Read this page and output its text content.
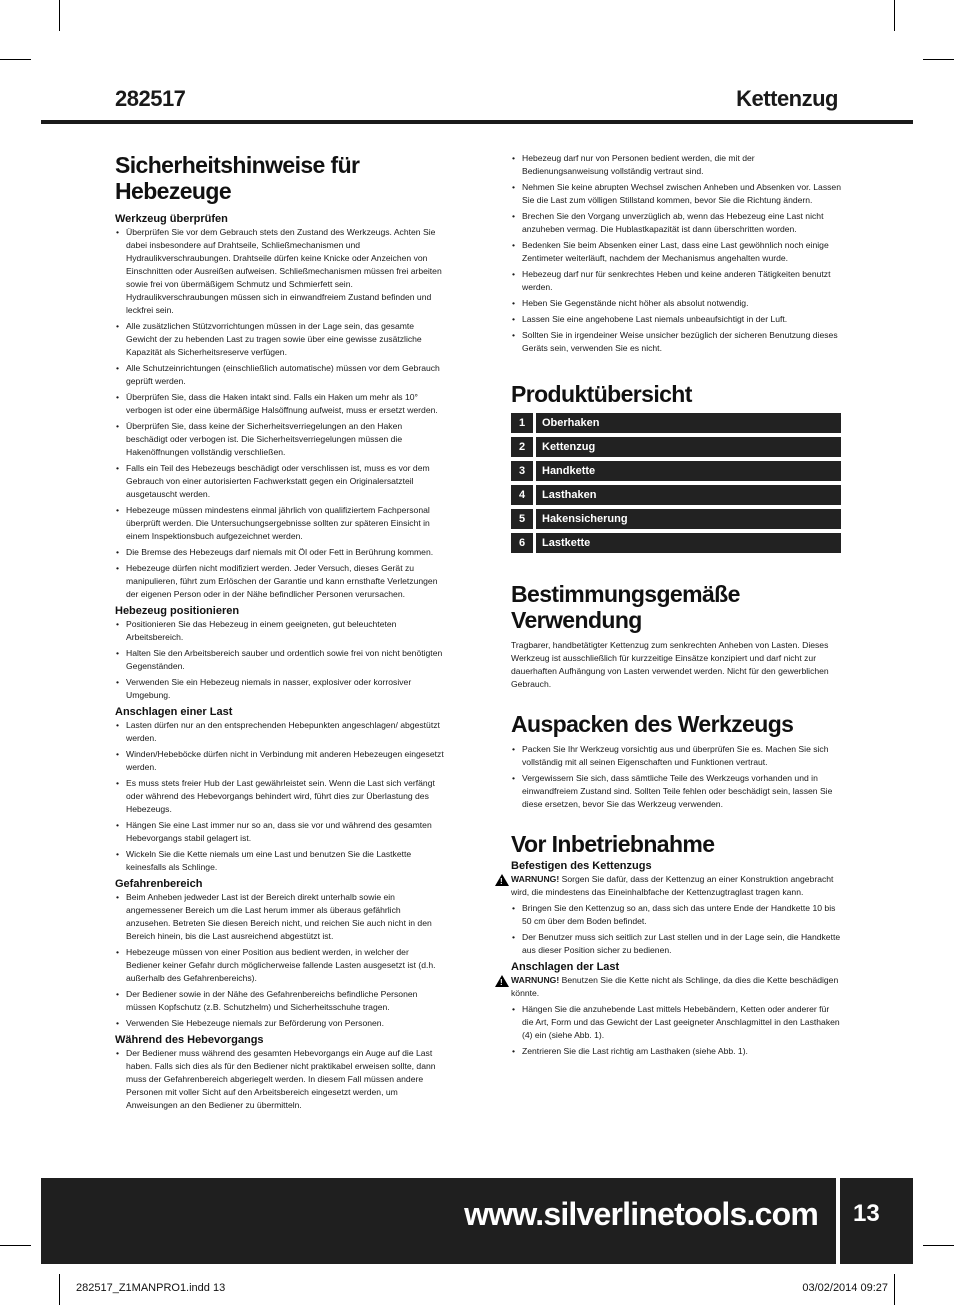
282517	Kettenzug
Sicherheitshinweise für Hebezeuge
Werkzeug überprüfen
• Überprüfen Sie vor dem Gebrauch stets den Zustand des Werkzeugs. Achten Sie dabei insbesondere auf Drahtseile, Schließmechanismen und Hydraulikverschraubungen. Drahtseile dürfen keine Knicke oder Anzeichen von Einschnitten oder Ausreißen aufweisen. Schließmechanismen müssen frei arbeiten sowie frei von übermäßigem Schmutz und Schmierfett sein. Hydraulikverschraubungen müssen sich in einwandfreiem Zustand befinden und leckfrei sein.
• Alle zusätzlichen Stützvorrichtungen müssen in der Lage sein, das gesamte Gewicht der zu hebenden Last zu tragen sowie über eine gewisse zusätzliche Kapazität als Sicherheitsreserve verfügen.
• Alle Schutzeinrichtungen (einschließlich automatische) müssen vor dem Gebrauch geprüft werden.
• Überprüfen Sie, dass die Haken intakt sind. Falls ein Haken um mehr als 10° verbogen ist oder eine übermäßige Halsöffnung aufweist, muss er ersetzt werden.
• Überprüfen Sie, dass keine der Sicherheitsverriegelungen an den Haken beschädigt oder verbogen ist. Die Sicherheitsverriegelungen müssen die Hakenöffnungen vollständig verschließen.
• Falls ein Teil des Hebezeugs beschädigt oder verschlissen ist, muss es vor dem Gebrauch von einer autorisierten Fachwerkstatt gegen ein Originalersatzteil ausgetauscht werden.
• Hebezeuge müssen mindestens einmal jährlich von qualifiziertem Fachpersonal überprüft werden. Die Untersuchungsergebnisse sollten zur späteren Einsicht in einem Inspektionsbuch aufgezeichnet werden.
• Die Bremse des Hebezeugs darf niemals mit Öl oder Fett in Berührung kommen.
• Hebezeuge dürfen nicht modifiziert werden. Jeder Versuch, dieses Gerät zu manipulieren, führt zum Erlöschen der Garantie und kann ernsthafte Verletzungen der eigenen Person oder in der Nähe befindlicher Personen verursachen.
Hebezeug positionieren
• Positionieren Sie das Hebezeug in einem geeigneten, gut beleuchteten Arbeitsbereich.
• Halten Sie den Arbeitsbereich sauber und ordentlich sowie frei von nicht benötigten Gegenständen.
• Verwenden Sie ein Hebezeug niemals in nasser, explosiver oder korrosiver Umgebung.
Anschlagen einer Last
• Lasten dürfen nur an den entsprechenden Hebepunkten angeschlagen/ abgestützt werden.
• Winden/Hebeböcke dürfen nicht in Verbindung mit anderen Hebezeugen eingesetzt werden.
• Es muss stets freier Hub der Last gewährleistet sein. Wenn die Last sich verfängt oder während des Hebevorgangs behindert wird, führt dies zur Überlastung des Hebezeugs.
• Hängen Sie eine Last immer nur so an, dass sie vor und während des gesamten Hebevorgangs stabil gelagert ist.
• Wickeln Sie die Kette niemals um eine Last und benutzen Sie die Lastkette keinesfalls als Schlinge.
Gefahrenbereich
• Beim Anheben jedweder Last ist der Bereich direkt unterhalb sowie ein angemessener Bereich um die Last herum immer als überaus gefährlich anzusehen. Betreten Sie diesen Bereich nicht, und reichen Sie auch nicht in den Bereich hinein, bis die Last ausreichend abgestützt ist.
• Hebezeuge müssen von einer Position aus bedient werden, in welcher der Bediener keiner Gefahr durch möglicherweise fallende Lasten ausgesetzt ist (d.h. außerhalb des Gefahrenbereichs).
• Der Bediener sowie in der Nähe des Gefahrenbereichs befindliche Personen müssen Kopfschutz (z.B. Schutzhelm) und Sicherheitsschuhe tragen.
• Verwenden Sie Hebezeuge niemals zur Beförderung von Personen.
Während des Hebevorgangs
• Der Bediener muss während des gesamten Hebevorgangs ein Auge auf die Last haben. Falls sich dies als für den Bediener nicht praktikabel erweisen sollte, dann muss der Gefahrenbereich abgeriegelt werden. In diesem Fall müssen andere Personen mit voller Sicht auf den Arbeitsbereich eingesetzt werden, um Anweisungen an den Bediener zu übermitteln.
• Hebezeug darf nur von Personen bedient werden, die mit der Bedienungsanweisung vollständig vertraut sind.
• Nehmen Sie keine abrupten Wechsel zwischen Anheben und Absenken vor. Lassen Sie die Last zum völligen Stillstand kommen, bevor Sie die Richtung ändern.
• Brechen Sie den Vorgang unverzüglich ab, wenn das Hebezeug eine Last nicht anzuheben vermag. Die Hublastkapazität ist dann überschritten worden.
• Bedenken Sie beim Absenken einer Last, dass eine Last gewöhnlich noch einige Zentimeter weiterläuft, nachdem der Mechanismus angehalten wurde.
• Hebezeug darf nur für senkrechtes Heben und keine anderen Tätigkeiten benutzt werden.
• Heben Sie Gegenstände nicht höher als absolut notwendig.
• Lassen Sie eine angehobene Last niemals unbeaufsichtigt in der Luft.
• Sollten Sie in irgendeiner Weise unsicher bezüglich der sicheren Benutzung dieses Geräts sein, verwenden Sie es nicht.
Produktübersicht
1	Oberhaken
2	Kettenzug
3	Handkette
4	Lasthaken
5	Hakensicherung
6	Lastkette
Bestimmungsgemäße Verwendung

Tragbarer, handbetätigter Kettenzug zum senkrechten Anheben von Lasten. Dieses Werkzeug ist ausschließlich für kurzzeitige Einsätze konzipiert und darf nicht zur dauerhaften Aufhängung von Lasten verwendet werden. Nicht für den gewerblichen Gebrauch.

Auspacken des Werkzeugs
• Packen Sie Ihr Werkzeug vorsichtig aus und überprüfen Sie es. Machen Sie sich vollständig mit all seinen Eigenschaften und Funktionen vertraut.
• Vergewissern Sie sich, dass sämtliche Teile des Werkzeugs vorhanden und in einwandfreiem Zustand sind. Sollten Teile fehlen oder beschädigt sein, lassen Sie diese ersetzen, bevor Sie das Werkzeug verwenden.
Vor Inbetriebnahme
Befestigen des Kettenzugs

!
WARNUNG! Sorgen Sie dafür, dass der Kettenzug an einer Konstruktion angebracht wird, die mindestens das Eineinhalbfache der Kettenzugtraglast tragen kann.

• Bringen Sie den Kettenzug so an, dass sich das untere Ende der Handkette 10 bis 50 cm über dem Boden befindet.
• Der Benutzer muss sich seitlich zur Last stellen und in der Lage sein, die Handkette aus dieser Position sicher zu bedienen.
Anschlagen der Last

!
WARNUNG! Benutzen Sie die Kette nicht als Schlinge, da dies die Kette beschädigen könnte.

• Hängen Sie die anzuhebende Last mittels Hebebändern, Ketten oder anderer für die Art, Form und das Gewicht der Last geeigneter Anschlagmittel in den Lasthaken (4) ein (siehe Abb. 1).
• Zentrieren Sie die Last richtig am Lasthaken (siehe Abb. 1).
www.silverlinetools.com 13
282517_Z1MANPRO1.indd 13	03/02/2014 09:27
